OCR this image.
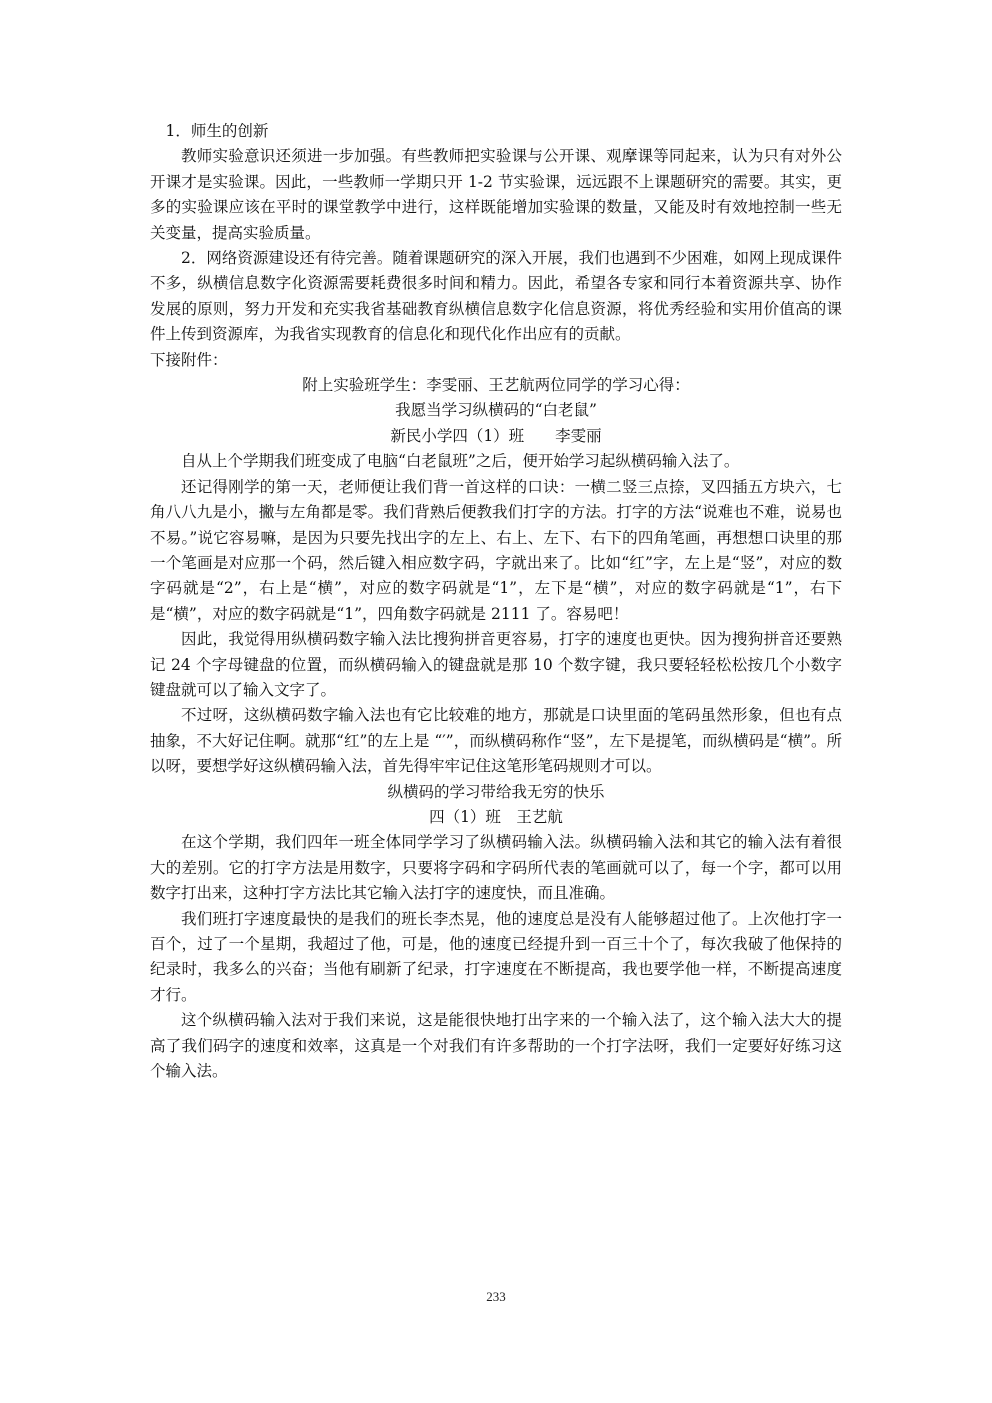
1．师生的创新

教师实验意识还须进一步加强。有些教师把实验课与公开课、观摩课等同起来，认为只有对外公开课才是实验课。因此，一些教师一学期只开 1-2 节实验课，远远跟不上课题研究的需要。其实，更多的实验课应该在平时的课堂教学中进行，这样既能增加实验课的数量，又能及时有效地控制一些无关变量，提高实验质量。

2．网络资源建设还有待完善。随着课题研究的深入开展，我们也遇到不少困难，如网上现成课件不多，纵横信息数字化资源需要耗费很多时间和精力。因此，希望各专家和同行本着资源共享、协作发展的原则，努力开发和充实我省基础教育纵横信息数字化信息资源，将优秀经验和实用价值高的课件上传到资源库，为我省实现教育的信息化和现代化作出应有的贡献。

下接附件：

附上实验班学生：李雯丽、王艺航两位同学的学习心得：

我愿当学习纵横码的“白老鼠”

新民小学四（1）班　　李雯丽

自从上个学期我们班变成了电脑“白老鼠班”之后，便开始学习起纵横码输入法了。

还记得刚学的第一天，老师便让我们背一首这样的口诀：一横二竖三点捺，叉四插五方块六，七角八八九是小，撇与左角都是零。我们背熟后便教我们打字的方法。打字的方法“说难也不难，说易也不易。”说它容易嘛，是因为只要先找出字的左上、右上、左下、右下的四角笔画，再想想口诀里的那一个笔画是对应那一个码，然后键入相应数字码，字就出来了。比如“红”字，左上是“竖”，对应的数字码就是“2”，右上是“横”，对应的数字码就是“1”，左下是“横”，对应的数字码就是“1”，右下是“横”，对应的数字码就是“1”，四角数字码就是 2111 了。容易吧！

因此，我觉得用纵横码数字输入法比搜狗拼音更容易，打字的速度也更快。因为搜狗拼音还要熟记 24 个字母键盘的位置，而纵横码输入的键盘就是那 10 个数字键，我只要轻轻松松按几个小数字键盘就可以了输入文字了。

不过呀，这纵横码数字输入法也有它比较难的地方，那就是口诀里面的笔码虽然形象，但也有点抽象，不大好记住啊。就那“红”的左上是 “′”，而纵横码称作“竖”，左下是提笔，而纵横码是“横”。所以呀，要想学好这纵横码输入法，首先得牢牢记住这笔形笔码规则才可以。

纵横码的学习带给我无穷的快乐

四（1）班　王艺航

在这个学期，我们四年一班全体同学学习了纵横码输入法。纵横码输入法和其它的输入法有着很大的差别。它的打字方法是用数字，只要将字码和字码所代表的笔画就可以了，每一个字，都可以用数字打出来，这种打字方法比其它输入法打字的速度快，而且准确。

我们班打字速度最快的是我们的班长李杰晃，他的速度总是没有人能够超过他了。上次他打字一百个，过了一个星期，我超过了他，可是，他的速度已经提升到一百三十个了，每次我破了他保持的纪录时，我多么的兴奋；当他有刷新了纪录，打字速度在不断提高，我也要学他一样，不断提高速度才行。

这个纵横码输入法对于我们来说，这是能很快地打出字来的一个输入法了，这个输入法大大的提高了我们码字的速度和效率，这真是一个对我们有许多帮助的一个打字法呀，我们一定要好好练习这个输入法。

233
